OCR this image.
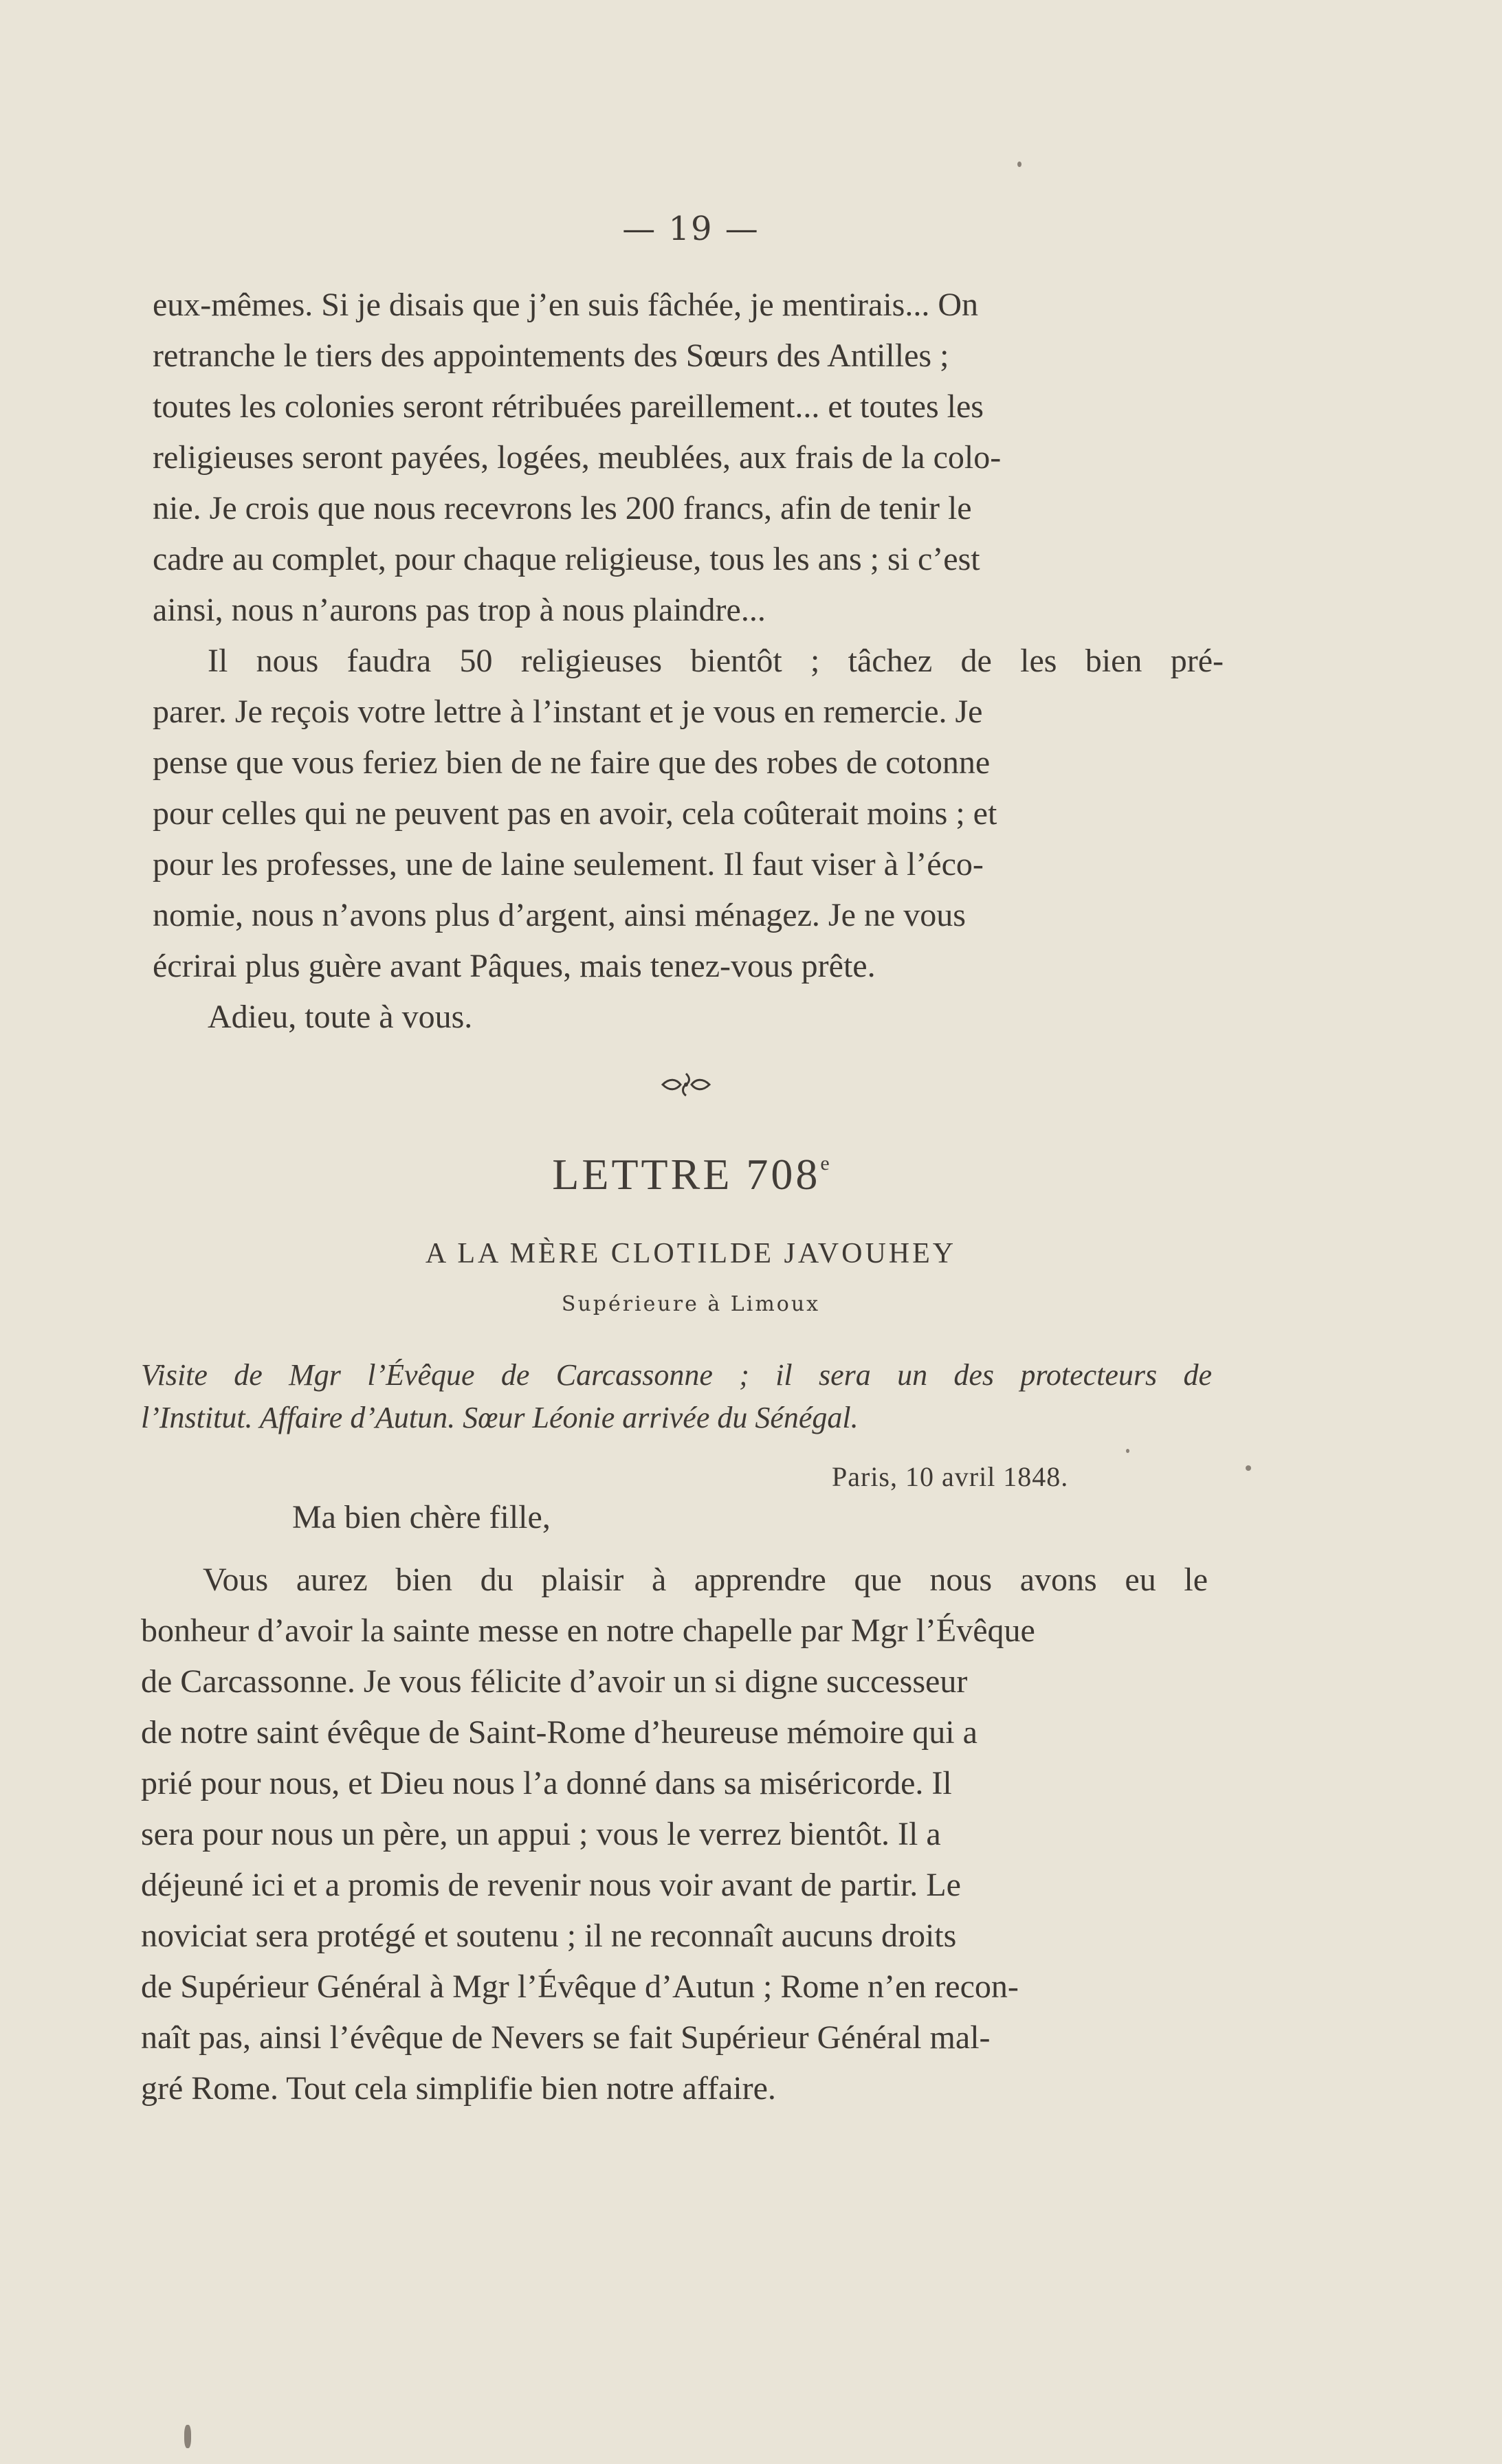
— 19 —
eux-mêmes. Si je disais que j’en suis fâchée, je mentirais... On
retranche le tiers des appointements des Sœurs des Antilles ;
toutes les colonies seront rétribuées pareillement... et toutes les
religieuses seront payées, logées, meublées, aux frais de la colo-
nie. Je crois que nous recevrons les 200 francs, afin de tenir le
cadre au complet, pour chaque religieuse, tous les ans ; si c’est
ainsi, nous n’aurons pas trop à nous plaindre...
Il nous faudra 50 religieuses bientôt ; tâchez de les bien pré-
parer. Je reçois votre lettre à l’instant et je vous en remercie. Je
pense que vous feriez bien de ne faire que des robes de cotonne
pour celles qui ne peuvent pas en avoir, cela coûterait moins ; et
pour les professes, une de laine seulement. Il faut viser à l’éco-
nomie, nous n’avons plus d’argent, ainsi ménagez. Je ne vous
écrirai plus guère avant Pâques, mais tenez-vous prête.
Adieu, toute à vous.
LETTRE 708e
A LA MÈRE CLOTILDE JAVOUHEY
Supérieure à Limoux
Visite de Mgr l’Évêque de Carcassonne ; il sera un des protecteurs de
l’Institut. Affaire d’Autun. Sœur Léonie arrivée du Sénégal.
Paris, 10 avril 1848.
Ma bien chère fille,
Vous aurez bien du plaisir à apprendre que nous avons eu le
bonheur d’avoir la sainte messe en notre chapelle par Mgr l’Évêque
de Carcassonne. Je vous félicite d’avoir un si digne successeur
de notre saint évêque de Saint-Rome d’heureuse mémoire qui a
prié pour nous, et Dieu nous l’a donné dans sa miséricorde. Il
sera pour nous un père, un appui ; vous le verrez bientôt. Il a
déjeuné ici et a promis de revenir nous voir avant de partir. Le
noviciat sera protégé et soutenu ; il ne reconnaît aucuns droits
de Supérieur Général à Mgr l’Évêque d’Autun ; Rome n’en recon-
naît pas, ainsi l’évêque de Nevers se fait Supérieur Général mal-
gré Rome. Tout cela simplifie bien notre affaire.
